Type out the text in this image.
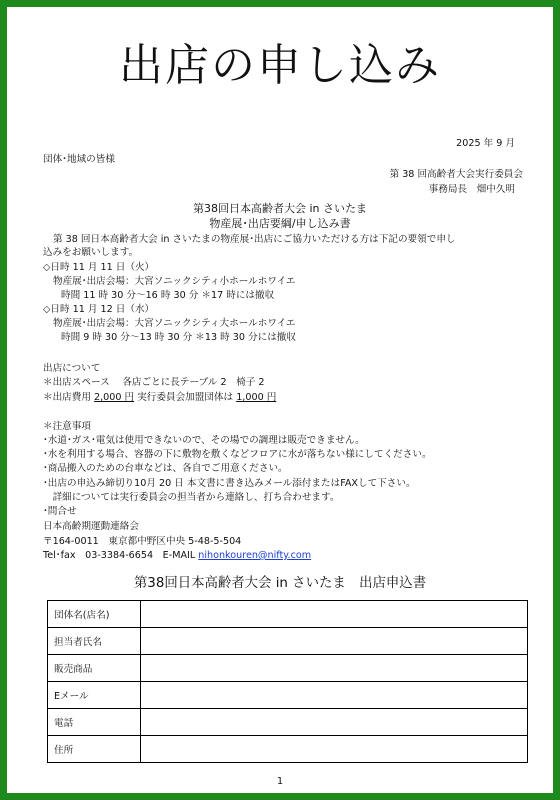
出店の申し込み
2025 年 9 月
団体･地域の皆様
第 38 回高齢者大会実行委員会
事務局長　畑中久明
第38回日本高齢者大会 in さいたま
物産展･出店要綱/申し込み書
第 38 回日本高齢者大会 in さいたまの物産展･出店にご協力いただける方は下記の要領で申し
込みをお願いします。
◇日時 11 月 11 日（火）
物産展･出店会場：大宮ソニックシティ小ホールホワイエ
時間 11 時 30 分～16 時 30 分 ＊17 時には撤収
◇日時 11 月 12 日（水）
物産展･出店会場：大宮ソニックシティ大ホールホワイエ
時間 9 時 30 分～13 時 30 分 ＊13 時 30 分には撤収
出店について
＊出店スペース　 各店ごとに長テーブル 2　椅子 2
＊出店費用 2,000 円 実行委員会加盟団体は 1,000 円
＊注意事項
･水道･ガス･電気は使用できないので、その場での調理は販売できません。
･水を利用する場合、容器の下に敷物を敷くなどフロアに水が落ちない様にしてください。
･商品搬入のための台車などは、各自でご用意ください。
･出店の申込み締切り10月 20 日 本文書に書き込みメール添付またはFAXして下さい。
　詳細については実行委員会の担当者から連絡し、打ち合わせます。
･問合せ
日本高齢期運動連絡会
〒164-0011　東京都中野区中央 5-48-5-504
Tel･fax　03-3384-6654　E-MAIL nihonkouren@nifty.com
第38回日本高齢者大会 in さいたま　出店申込書
団体名(店名)	
担当者氏名	
販売商品	
Eメール	
電話	
住所	
1
